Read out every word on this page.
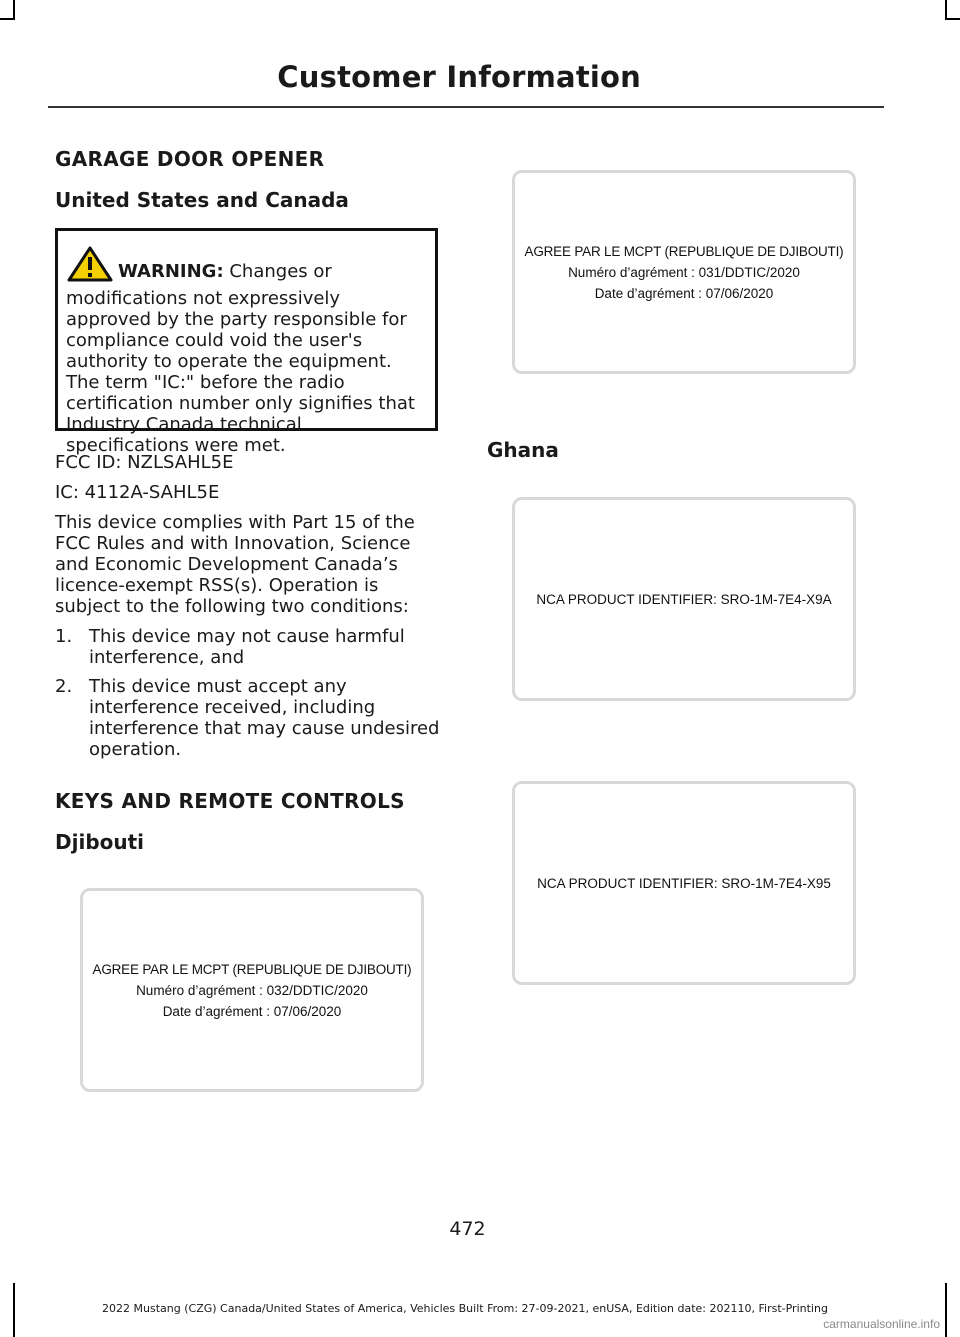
Customer Information
GARAGE DOOR OPENER
United States and Canada
WARNING: Changes or modifications not expressively approved by the party responsible for compliance could void the user's authority to operate the equipment. The term "IC:" before the radio certification number only signifies that Industry Canada technical specifications were met.
FCC ID: NZLSAHL5E
IC: 4112A-SAHL5E
This device complies with Part 15 of the FCC Rules and with Innovation, Science and Economic Development Canada’s licence-exempt RSS(s). Operation is subject to the following two conditions:
1. This device may not cause harmful interference, and
2. This device must accept any interference received, including interference that may cause undesired operation.
KEYS AND REMOTE CONTROLS
Djibouti
AGREE PAR LE MCPT (REPUBLIQUE DE DJIBOUTI)
Numéro d’agrément : 032/DDTIC/2020
Date d’agrément : 07/06/2020
AGREE PAR LE MCPT (REPUBLIQUE DE DJIBOUTI)
Numéro d’agrément : 031/DDTIC/2020
Date d’agrément : 07/06/2020
Ghana
NCA PRODUCT IDENTIFIER: SRO-1M-7E4-X9A
NCA PRODUCT IDENTIFIER: SRO-1M-7E4-X95
472
2022 Mustang (CZG) Canada/United States of America, Vehicles Built From: 27-09-2021, enUSA, Edition date: 202110, First-Printing
carmanualsonline.info
